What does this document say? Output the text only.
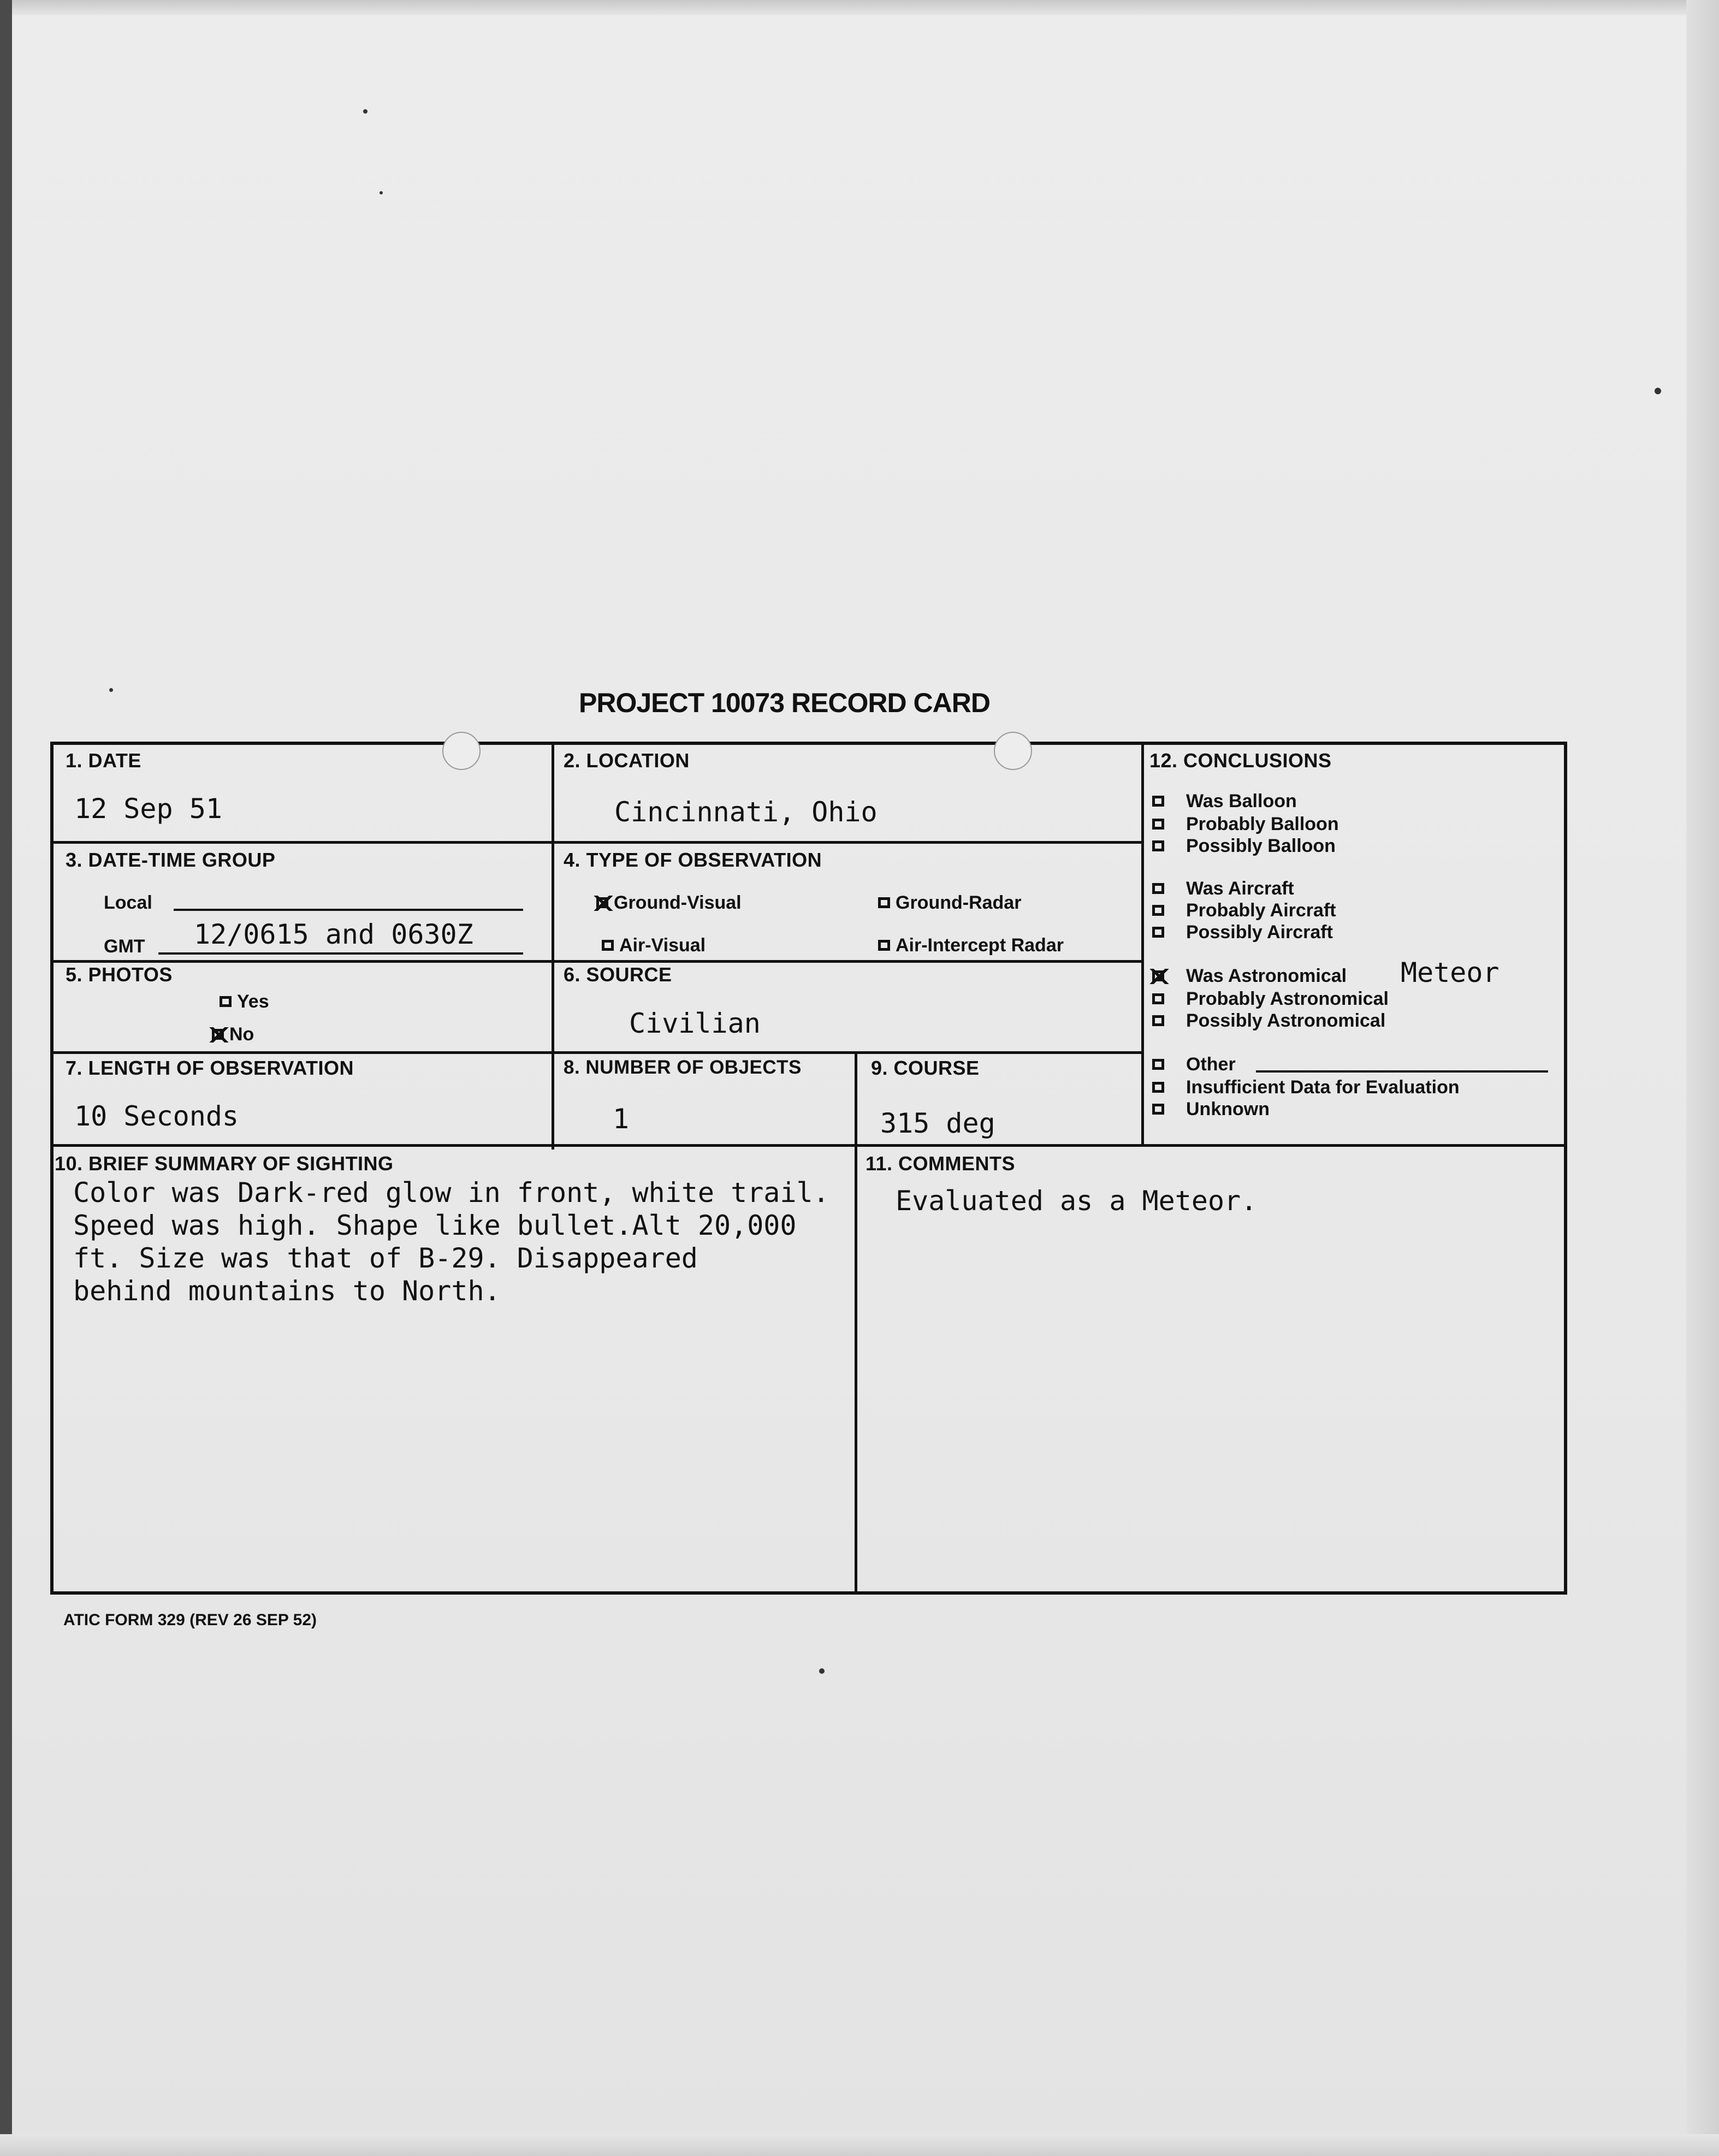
PROJECT 10073 RECORD CARD
1. DATE
12 Sep 51
2. LOCATION
Cincinnati, Ohio
3. DATE-TIME GROUP
Local
GMT 12/0615 and 0630Z
4. TYPE OF OBSERVATION
Ground-Visual	Ground-Radar
Air-Visual	Air-Intercept Radar
5. PHOTOS
Yes
No
6. SOURCE
Civilian
7. LENGTH OF OBSERVATION
10 Seconds
8. NUMBER OF OBJECTS
1
9. COURSE
315 deg
10. BRIEF SUMMARY OF SIGHTING
Color was Dark-red glow in front, white trail.
Speed was high. Shape like bullet.Alt 20,000
ft. Size was that of B-29. Disappeared
behind mountains to North.
11. COMMENTS
Evaluated as a Meteor.
12. CONCLUSIONS
Was Balloon
Probably Balloon
Possibly Balloon
Was Aircraft
Probably Aircraft
Possibly Aircraft
Was Astronomical Meteor
Probably Astronomical
Possibly Astronomical
Other
Insufficient Data for Evaluation
Unknown
ATIC FORM 329 (REV 26 SEP 52)
